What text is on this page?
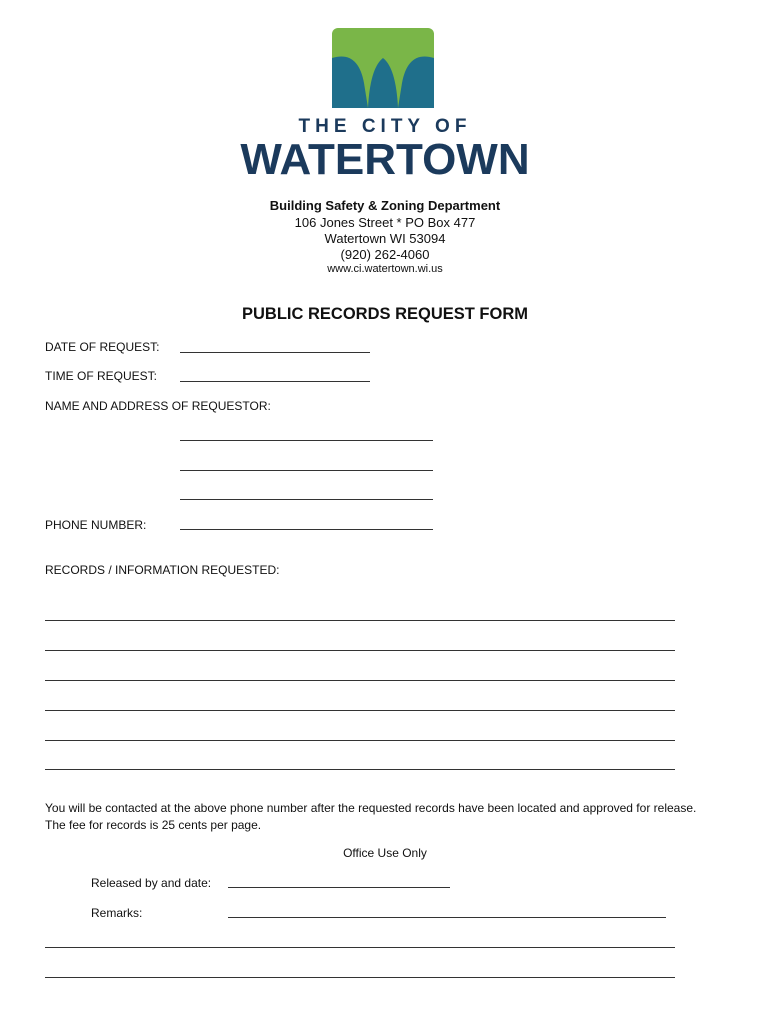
THE CITY OF
WATERTOWN
Building Safety & Zoning Department
106 Jones Street * PO Box 477
Watertown WI 53094
(920) 262-4060
www.ci.watertown.wi.us
PUBLIC RECORDS REQUEST FORM
DATE OF REQUEST:
TIME OF REQUEST:
NAME AND ADDRESS OF REQUESTOR:
PHONE NUMBER:
RECORDS / INFORMATION REQUESTED:
You will be contacted at the above phone number after the requested records have been located and approved for release. The fee for records is 25 cents per page.
Office Use Only
Released by and date:
Remarks:
